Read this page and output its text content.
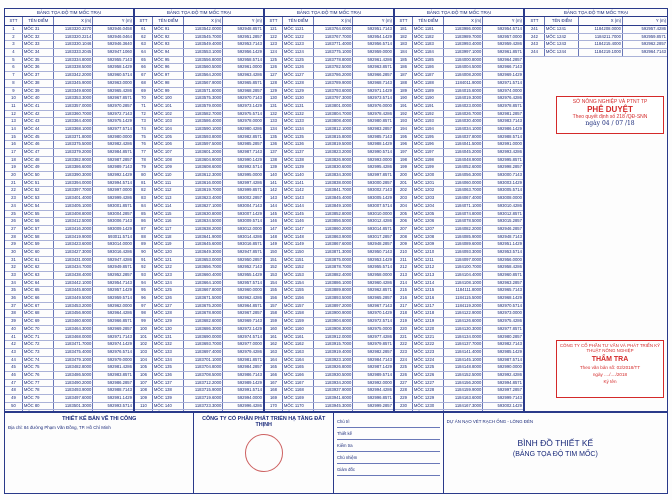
BẢNG TỌA ĐỘ TIM MỐC TRẠI
STT	TÊN ĐIỂM	X (m)	Y (m)
1	MỐC 31	1183320.2270	592946.0458
2	MỐC 32	1183320.2214	592946.0464
3	MỐC 33	1183330.1046	592946.3640
4	MỐC 34	1183333.2045	592947.1060
5	MỐC 35	1183334.8000	592955.7143
6	MỐC 36	1183338.5000	592958.1429
7	MỐC 37	1183342.2000	592960.5714
8	MỐC 38	1183345.9000	592963.0000
9	MỐC 39	1183349.6000	592965.4286
10	MỐC 40	1183353.3000	592967.8571
11	MỐC 41	1183357.0000	592970.2857
12	MỐC 42	1183360.7000	592972.7143
13	MỐC 43	1183364.4000	592975.1429
14	MỐC 44	1183368.1000	592977.5714
15	MỐC 45	1183371.8000	592980.0000
16	MỐC 46	1183375.5000	592982.4286
17	MỐC 47	1183379.2000	592984.8571
18	MỐC 48	1183382.9000	592987.2857
19	MỐC 49	1183386.6000	592989.7143
20	MỐC 50	1183390.3000	592992.1429
21	MỐC 51	1183394.0000	592994.5714
22	MỐC 52	1183397.7000	592997.0000
23	MỐC 53	1183401.4000	592999.4286
24	MỐC 54	1183405.1000	593001.8571
25	MỐC 55	1183408.8000	593004.2857
26	MỐC 56	1183412.5000	593006.7143
27	MỐC 57	1183416.2000	593009.1429
28	MỐC 58	1183419.9000	593011.5714
29	MỐC 59	1183423.6000	593014.0000
30	MỐC 60	1183427.3000	593016.4286
31	MỐC 61	1183431.0000	592947.4286
32	MỐC 62	1183434.7000	592949.8571
33	MỐC 63	1183438.4000	592952.2857
34	MỐC 64	1183442.1000	592954.7143
35	MỐC 65	1183445.8000	592957.1429
36	MỐC 66	1183449.5000	592959.5714
37	MỐC 67	1183453.2000	592962.0000
38	MỐC 68	1183456.9000	592964.4286
39	MỐC 69	1183460.6000	592966.8571
40	MỐC 70	1183464.3000	592969.2857
41	MỐC 71	1183468.0000	592971.7143
42	MỐC 72	1183471.7000	592974.1429
43	MỐC 73	1183475.4000	592976.5714
44	MỐC 74	1183479.1000	592979.0000
45	MỐC 75	1183482.8000	592981.4286
46	MỐC 76	1183486.5000	592983.8571
47	MỐC 77	1183490.2000	592986.2857
48	MỐC 78	1183493.9000	592988.7143
49	MỐC 79	1183497.6000	592991.1429
50	MỐC 80	1183501.3000	592993.5714
BẢNG TỌA ĐỘ TIM MỐC TRẠI
STT	TÊN ĐIỂM	X (m)	Y (m)
61	MỐC 91	1183542.0000	592948.8571
62	MỐC 92	1183545.7000	592951.2857
63	MỐC 93	1183549.4000	592953.7143
64	MỐC 94	1183553.1000	592956.1429
65	MỐC 95	1183556.8000	592958.5714
66	MỐC 96	1183560.5000	592961.0000
67	MỐC 97	1183564.2000	592963.4286
68	MỐC 98	1183567.9000	592965.8571
69	MỐC 99	1183571.6000	592968.2857
70	MỐC 100	1183575.3000	592970.7143
71	MỐC 101	1183579.0000	592973.1429
72	MỐC 102	1183582.7000	592975.5714
73	MỐC 103	1183586.4000	592978.0000
74	MỐC 104	1183590.1000	592980.4286
75	MỐC 105	1183593.8000	592982.8571
76	MỐC 106	1183597.5000	592985.2857
77	MỐC 107	1183601.2000	592987.7143
78	MỐC 108	1183604.9000	592990.1429
79	MỐC 109	1183608.6000	592992.5714
80	MỐC 110	1183612.3000	592995.0000
81	MỐC 111	1183616.0000	592997.4286
82	MỐC 112	1183619.7000	592999.8571
83	MỐC 113	1183623.4000	593002.2857
84	MỐC 114	1183627.1000	593004.7143
85	MỐC 115	1183630.8000	593007.1429
86	MỐC 116	1183634.5000	593009.5714
87	MỐC 117	1183638.2000	593012.0000
88	MỐC 118	1183641.9000	593014.4286
89	MỐC 119	1183645.6000	593016.8571
90	MỐC 120	1183649.3000	592947.8571
91	MỐC 121	1183653.0000	592950.2857
92	MỐC 122	1183656.7000	592952.7143
93	MỐC 123	1183660.4000	592955.1429
94	MỐC 124	1183664.1000	592957.5714
95	MỐC 125	1183667.8000	592960.0000
96	MỐC 126	1183671.5000	592962.4286
97	MỐC 127	1183675.2000	592964.8571
98	MỐC 128	1183678.9000	592967.2857
99	MỐC 129	1183682.6000	592969.7143
100	MỐC 130	1183686.3000	592972.1429
101	MỐC 131	1183690.0000	592974.5714
102	MỐC 132	1183693.7000	592977.0000
103	MỐC 133	1183697.4000	592979.4286
104	MỐC 134	1183701.1000	592981.8571
105	MỐC 135	1183704.8000	592984.2857
106	MỐC 136	1183708.5000	592986.7143
107	MỐC 137	1183712.2000	592989.1429
108	MỐC 138	1183715.9000	592991.5714
109	MỐC 139	1183719.6000	592994.0000
110	MỐC 140	1183723.3000	592996.4286
BẢNG TỌA ĐỘ TIM MỐC TRẠI
STT	TÊN ĐIỂM	X (m)	Y (m)
121	MỐC 1121	1183764.0000	592951.7143
122	MỐC 1122	1183767.7000	592954.1429
123	MỐC 1123	1183771.4000	592956.5714
124	MỐC 1124	1183775.1000	592959.0000
125	MỐC 1125	1183778.8000	592961.4286
126	MỐC 1126	1183782.5000	592963.8571
127	MỐC 1127	1183786.2000	592966.2857
128	MỐC 1128	1183789.9000	592968.7143
129	MỐC 1129	1183793.6000	592971.1429
130	MỐC 1130	1183797.3000	592973.5714
131	MỐC 1131	1183801.0000	592976.0000
132	MỐC 1132	1183804.7000	592978.4286
133	MỐC 1133	1183808.4000	592980.8571
134	MỐC 1134	1183812.1000	592983.2857
135	MỐC 1135	1183815.8000	592985.7143
136	MỐC 1136	1183819.5000	592988.1429
137	MỐC 1137	1183823.2000	592990.5714
138	MỐC 1138	1183826.9000	592993.0000
139	MỐC 1139	1183830.6000	592995.4286
140	MỐC 1140	1183834.3000	592997.8571
141	MỐC 1141	1183838.0000	593000.2857
142	MỐC 1142	1183841.7000	593002.7143
143	MỐC 1143	1183845.4000	593005.1429
144	MỐC 1144	1183849.1000	593007.5714
145	MỐC 1145	1183852.8000	593010.0000
146	MỐC 1146	1183856.5000	593012.4286
147	MỐC 1147	1183860.2000	593014.8571
148	MỐC 1148	1183863.9000	593017.2857
149	MỐC 1149	1183867.6000	592948.2857
150	MỐC 1150	1183871.3000	592950.7143
151	MỐC 1151	1183875.0000	592953.1429
152	MỐC 1152	1183878.7000	592955.5714
153	MỐC 1153	1183882.4000	592958.0000
154	MỐC 1154	1183886.1000	592960.4286
155	MỐC 1155	1183889.8000	592962.8571
156	MỐC 1156	1183893.5000	592965.2857
157	MỐC 1157	1183897.2000	592967.7143
158	MỐC 1158	1183900.9000	592970.1429
159	MỐC 1159	1183904.6000	592972.5714
160	MỐC 1160	1183908.3000	592975.0000
161	MỐC 1161	1183912.0000	592977.4286
162	MỐC 1162	1183915.7000	592979.8571
163	MỐC 1163	1183919.4000	592982.2857
164	MỐC 1164	1183923.1000	592984.7143
165	MỐC 1165	1183926.8000	592987.1429
166	MỐC 1166	1183930.5000	592989.5714
167	MỐC 1167	1183934.2000	592992.0000
168	MỐC 1168	1183937.9000	592994.4286
169	MỐC 1169	1183941.6000	592996.8571
170	MỐC 1170	1183945.3000	592999.2857
BẢNG TỌA ĐỘ TIM MỐC TRẠI
STT	TÊN ĐIỂM	X (m)	Y (m)
181	MỐC 1181	1183986.0000	592954.5714
182	MỐC 1182	1183989.7000	592957.0000
183	MỐC 1183	1183993.4000	592959.4286
184	MỐC 1184	1183997.1000	592961.8571
185	MỐC 1185	1184000.8000	592964.2857
186	MỐC 1186	1184004.5000	592966.7143
187	MỐC 1187	1184008.2000	592969.1429
188	MỐC 1188	1184011.9000	592971.5714
189	MỐC 1189	1184015.6000	592974.0000
190	MỐC 1190	1184019.3000	592976.4286
191	MỐC 1191	1184023.0000	592978.8571
192	MỐC 1192	1184026.7000	592981.2857
193	MỐC 1193	1184030.4000	592983.7143
194	MỐC 1194	1184034.1000	592986.1429
195	MỐC 1195	1184037.8000	592988.5714
196	MỐC 1196	1184041.5000	592991.0000
197	MỐC 1197	1184045.2000	592993.4286
198	MỐC 1198	1184048.9000	592995.8571
199	MỐC 1199	1184052.6000	592998.2857
200	MỐC 1200	1184056.3000	593000.7143
201	MỐC 1201	1184060.0000	593003.1429
202	MỐC 1202	1184063.7000	593005.5714
203	MỐC 1203	1184067.4000	593008.0000
204	MỐC 1204	1184071.1000	593010.4286
205	MỐC 1205	1184074.8000	593012.8571
206	MỐC 1206	1184078.5000	593015.2857
207	MỐC 1207	1184082.2000	592946.2857
208	MỐC 1208	1184085.9000	592948.7143
209	MỐC 1209	1184089.6000	592951.1429
210	MỐC 1210	1184093.3000	592953.5714
211	MỐC 1211	1184097.0000	592956.0000
212	MỐC 1212	1184100.7000	592958.4286
213	MỐC 1213	1184104.4000	592960.8571
214	MỐC 1214	1184108.1000	592963.2857
215	MỐC 1215	1184111.8000	592965.7143
216	MỐC 1216	1184115.5000	592968.1429
217	MỐC 1217	1184119.2000	592970.5714
218	MỐC 1218	1184122.9000	592973.0000
219	MỐC 1219	1184126.6000	592975.4286
220	MỐC 1220	1184130.3000	592977.8571
221	MỐC 1221	1184134.0000	592980.2857
222	MỐC 1222	1184137.7000	592982.7143
223	MỐC 1223	1184141.4000	592985.1429
224	MỐC 1224	1184145.1000	592987.5714
225	MỐC 1225	1184148.8000	592990.0000
226	MỐC 1226	1184152.5000	592992.4286
227	MỐC 1227	1184156.2000	592994.8571
228	MỐC 1228	1184159.9000	592997.2857
229	MỐC 1229	1184163.6000	592999.7143
230	MỐC 1230	1184167.3000	593002.1429
BẢNG TỌA ĐỘ TIM MỐC TRẠI
STT	TÊN ĐIỂM	X (m)	Y (m)
241	MỐC 1241	1184208.0000	592957.4286
242	MỐC 1242	1184211.7000	592959.8571
243	MỐC 1243	1184215.4000	592962.2857
244	MỐC 1244	1184219.1000	592964.7143
SỞ NÔNG NGHIỆP VÀ PTNT TP
PHÊ DUYỆT
Theo quyết định số 218 /QĐ-SNN
ngày 04 / 07 /18
CÔNG TY CỔ PHẦN TƯ VẤN VÀ PHÁT TRIỂN KỸ THUẬT NÔNG NGHIỆP
THẨM TRA
Theo văn bản số: 02/2018/TT
ngày ..../..../2018
Ký tên
THIẾT KẾ BẢN VẼ THI CÔNG
Địa chỉ: 84 đường Phạm Văn Đồng, TP. Hồ Chí Minh
CÔNG TY CỔ PHẦN PHÁT TRIỂN HẠ TẦNG ĐẤT THỊNH
Chủ trì
Thiết kế
Kiểm tra
Chủ nhiệm
Giám đốc
DỰ ÁN NẠO VÉT RẠCH ỐNG - LÒNG ĐÈN
BÌNH ĐỒ THIẾT KẾ
(BẢNG TỌA ĐỘ TIM MỐC)
